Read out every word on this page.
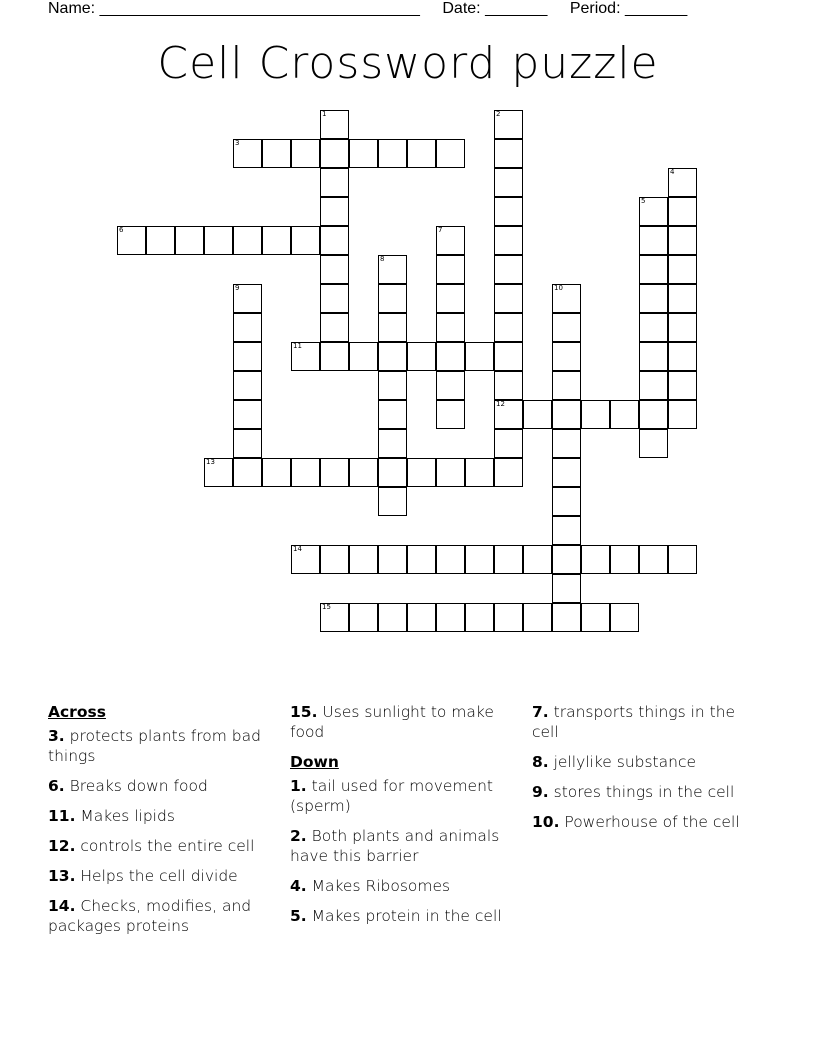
Name: ____________________________________ Date: _______ Period: _______
Cell Crossword puzzle
1	2
12
3
4
5
6	7
8
9	10
11
13
14
15
Across
3. protects plants from bad things
6. Breaks down food
11. Makes lipids
12. controls the entire cell
13. Helps the cell divide
14. Checks, modifies, and packages proteins
15. Uses sunlight to make food
Down
1. tail used for movement (sperm)
2. Both plants and animals have this barrier
4. Makes Ribosomes
5. Makes protein in the cell
7. transports things in the cell
8. jellylike substance
9. stores things in the cell
10. Powerhouse of the cell
